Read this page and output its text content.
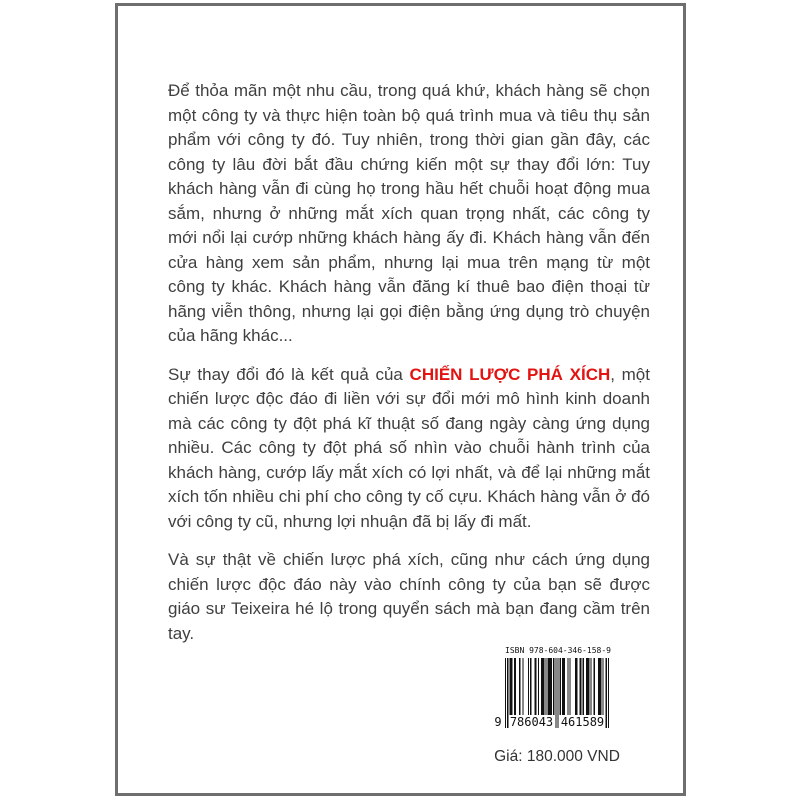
Để thỏa mãn một nhu cầu, trong quá khứ, khách hàng sẽ chọn một công ty và thực hiện toàn bộ quá trình mua và tiêu thụ sản phẩm với công ty đó. Tuy nhiên, trong thời gian gần đây, các công ty lâu đời bắt đầu chứng kiến một sự thay đổi lớn: Tuy khách hàng vẫn đi cùng họ trong hầu hết chuỗi hoạt động mua sắm, nhưng ở những mắt xích quan trọng nhất, các công ty mới nổi lại cướp những khách hàng ấy đi. Khách hàng vẫn đến cửa hàng xem sản phẩm, nhưng lại mua trên mạng từ một công ty khác. Khách hàng vẫn đăng kí thuê bao điện thoại từ hãng viễn thông, nhưng lại gọi điện bằng ứng dụng trò chuyện của hãng khác...

Sự thay đổi đó là kết quả của CHIẾN LƯỢC PHÁ XÍCH, một chiến lược độc đáo đi liền với sự đổi mới mô hình kinh doanh mà các công ty đột phá kĩ thuật số đang ngày càng ứng dụng nhiều. Các công ty đột phá số nhìn vào chuỗi hành trình của khách hàng, cướp lấy mắt xích có lợi nhất, và để lại những mắt xích tốn nhiều chi phí cho công ty cố cựu. Khách hàng vẫn ở đó với công ty cũ, nhưng lợi nhuận đã bị lấy đi mất.

Và sự thật về chiến lược phá xích, cũng như cách ứng dụng chiến lược độc đáo này vào chính công ty của bạn sẽ được giáo sư Teixeira hé lộ trong quyển sách mà bạn đang cầm trên tay.

ISBN 978-604-346-158-9
9 786043 461589
Giá: 180.000 VND
